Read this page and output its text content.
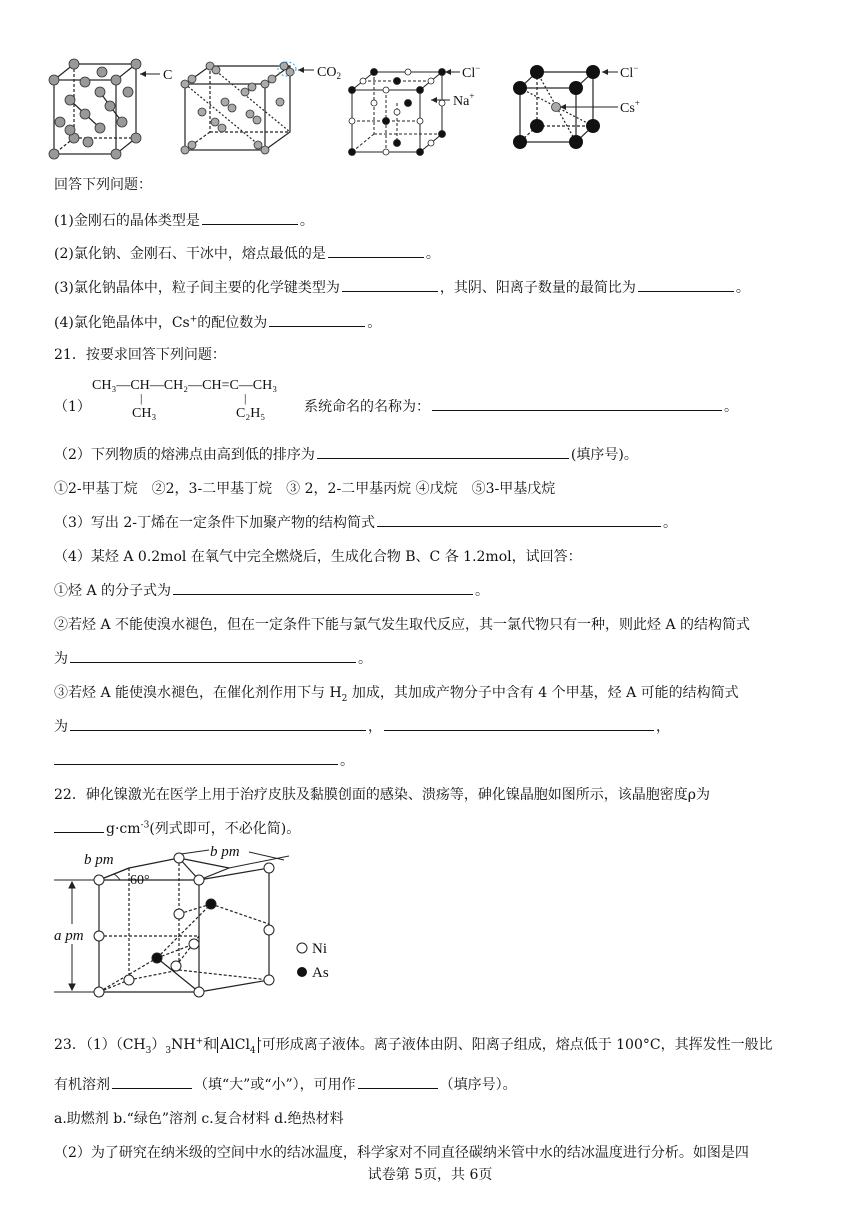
C	$CO_2$	Cl−
Na+
Cl−
Cs+
回答下列问题：
(1)金刚石的晶体类型是	。
(2)氯化钠、金刚石、干冰中，熔点最低的是	。
(3)氯化钠晶体中，粒子间主要的化学键类型为	，其阴、阳离子数量的最简比为	。
(4)氯化铯晶体中，Cs+的配位数为	。
21．按要求回答下列问题：
（1）
CH₃—CH—CH₂—CH=C—CH₃
|	|
CH₃	C₂H₅	系统命名的名称为：	。
（2）下列物质的熔沸点由高到低的排序为	(填序号)。
①2-甲基丁烷　②2，3-二甲基丁烷　③ 2，2-二甲基丙烷 ④戊烷　⑤3-甲基戊烷
（3）写出 2-丁烯在一定条件下加聚产物的结构简式	。
（4）某烃 A 0.2mol 在氧气中完全燃烧后，生成化合物 B、C 各 1.2mol，试回答：
①烃 A 的分子式为	。
②若烃 A 不能使溴水褪色，但在一定条件下能与氯气发生取代反应，其一氯代物只有一种，则此烃 A 的结构简式
为	。
③若烃 A 能使溴水褪色，在催化剂作用下与 $H_2$ 加成，其加成产物分子中含有 4 个甲基，烃 A 可能的结构简式
为	，	，
。
22．砷化镍激光在医学上用于治疗皮肤及黏膜创面的感染、溃疡等，砷化镍晶胞如图所示，该晶胞密度ρ为
$g\cdot cm^{-3}$(列式即可，不必化简)。
b pm	b pm
60°
a pm
Ni
As
23．$(1)(CH_3)_3NH^+$和 AlCl$_4$-可形成离子液体。离子液体由阴、阳离子组成，熔点低于 100°C，其挥发性一般比
有机溶剂	（填“大”或“小”），可用作	（填序号）。
a.助燃剂 b.“绿色”溶剂 c.复合材料 d.绝热材料
（2）为了研究在纳米级的空间中水的结冰温度，科学家对不同直径碳纳米管中水的结冰温度进行分析。如图是四
试卷第 5页，共 6页
